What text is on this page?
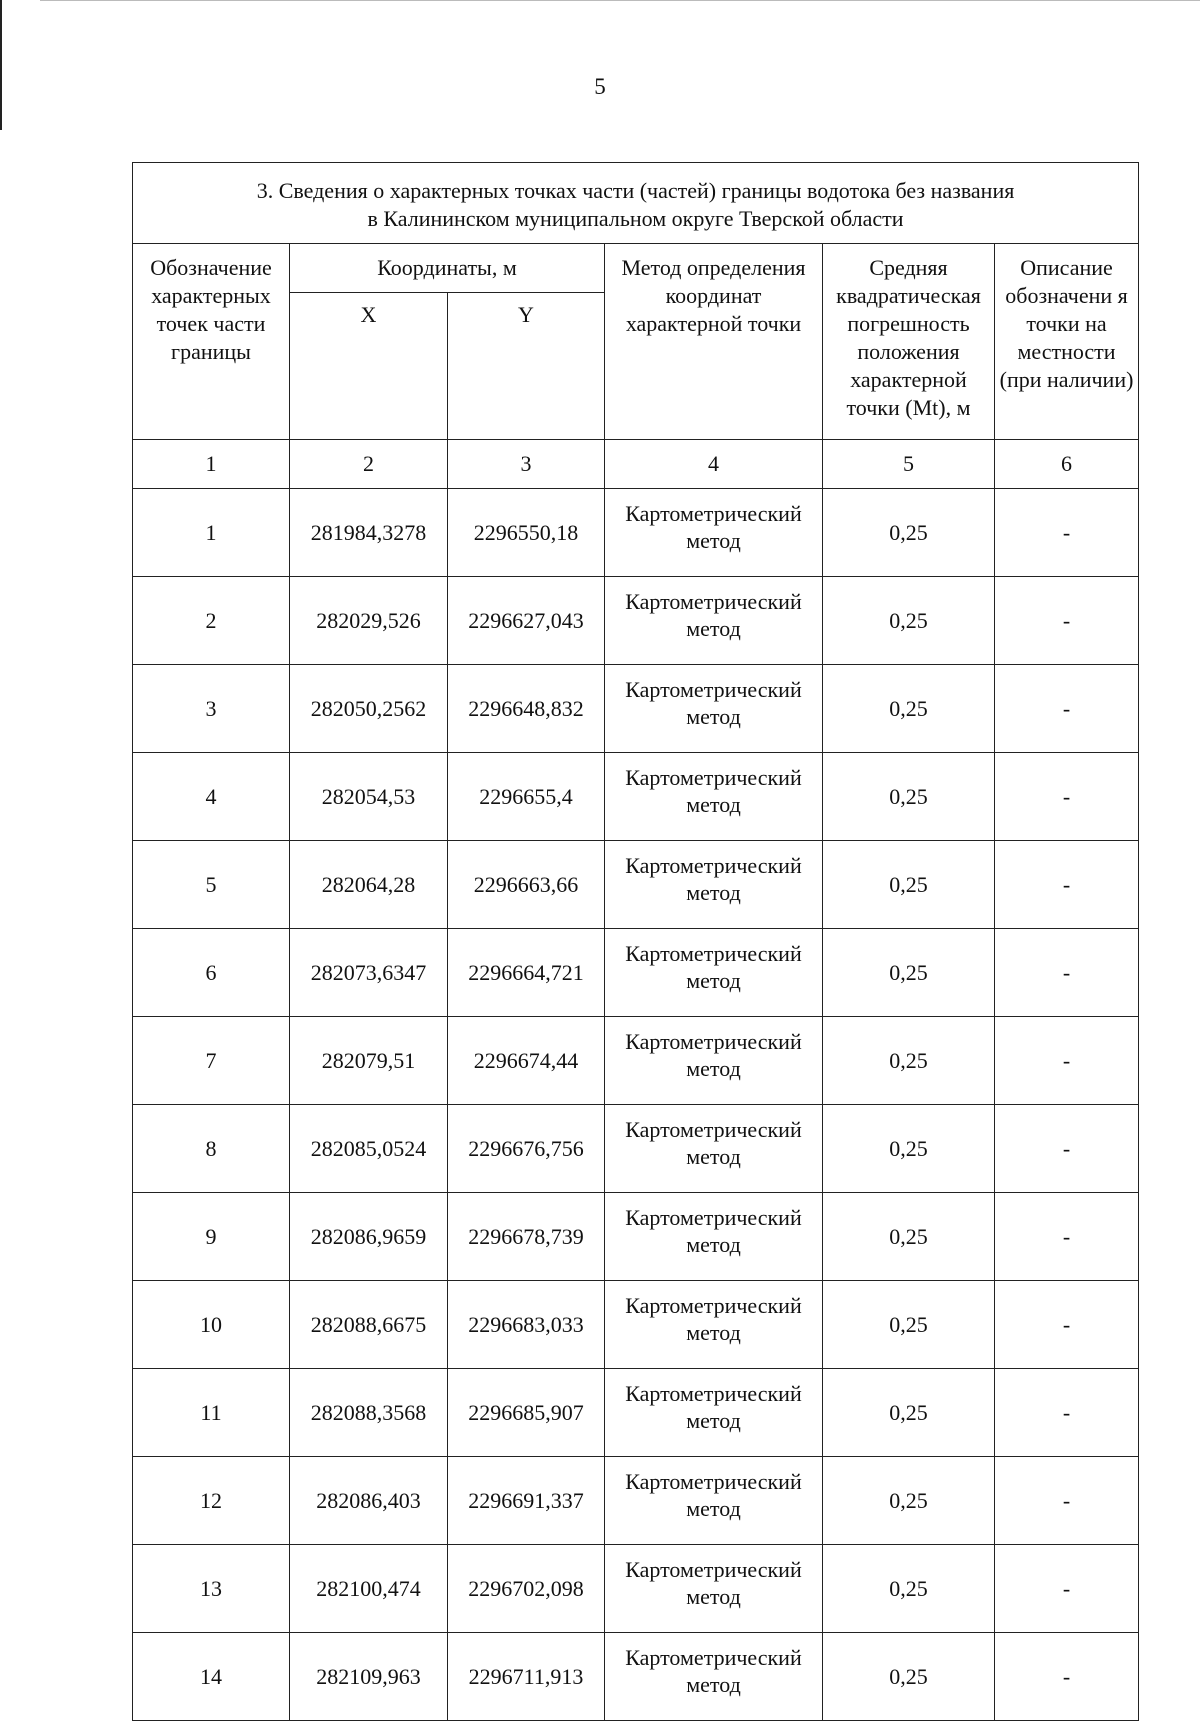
5
3. Сведения о характерных точках части (частей) границы водотока без названия
в Калининском муниципальном округе Тверской области					
Обозначение характерных точек части границы	Координаты, м		Метод определения координат характерной точки	Средняя квадратическая погрешность положения характерной точки (Mt), м	Описание обозначени я точки на местности (при наличии)
	X	Y			
1	2	3	4	5	6
1	281984,3278	2296550,18	Картометрический метод	0,25	-
2	282029,526	2296627,043	Картометрический метод	0,25	-
3	282050,2562	2296648,832	Картометрический метод	0,25	-
4	282054,53	2296655,4	Картометрический метод	0,25	-
5	282064,28	2296663,66	Картометрический метод	0,25	-
6	282073,6347	2296664,721	Картометрический метод	0,25	-
7	282079,51	2296674,44	Картометрический метод	0,25	-
8	282085,0524	2296676,756	Картометрический метод	0,25	-
9	282086,9659	2296678,739	Картометрический метод	0,25	-
10	282088,6675	2296683,033	Картометрический метод	0,25	-
11	282088,3568	2296685,907	Картометрический метод	0,25	-
12	282086,403	2296691,337	Картометрический метод	0,25	-
13	282100,474	2296702,098	Картометрический метод	0,25	-
14	282109,963	2296711,913	Картометрический метод	0,25	-
